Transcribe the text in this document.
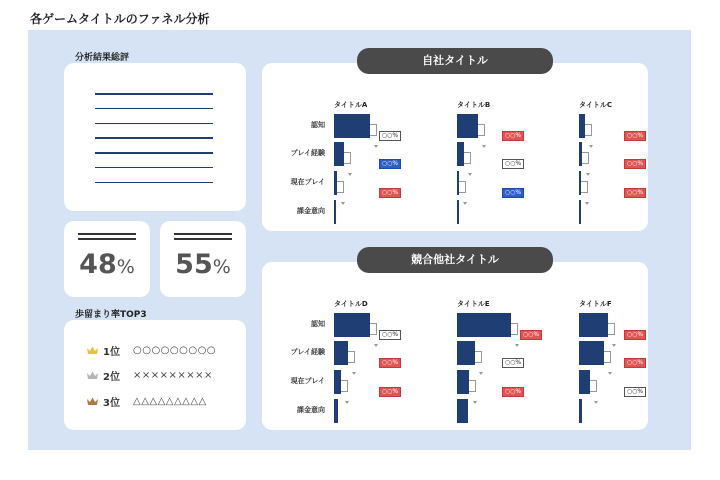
各ゲームタイトルのファネル分析
分析結果総評
48%	55%
歩留まり率TOP3
1位	○○○○○○○○○
2位	×××××××××
3位	△△△△△△△△△
自社タイトル
競合他社タイトル
認知
プレイ経験
現在プレイ
課金意向
タイトルA
○○%
○○%
○○%
タイトルB
○○%
○○%
○○%
タイトルC
○○%
○○%
○○%
認知
プレイ経験
現在プレイ
課金意向
タイトルD
○○%
○○%
○○%
タイトルE
○○%
○○%
○○%
タイトルF
○○%
○○%
○○%
